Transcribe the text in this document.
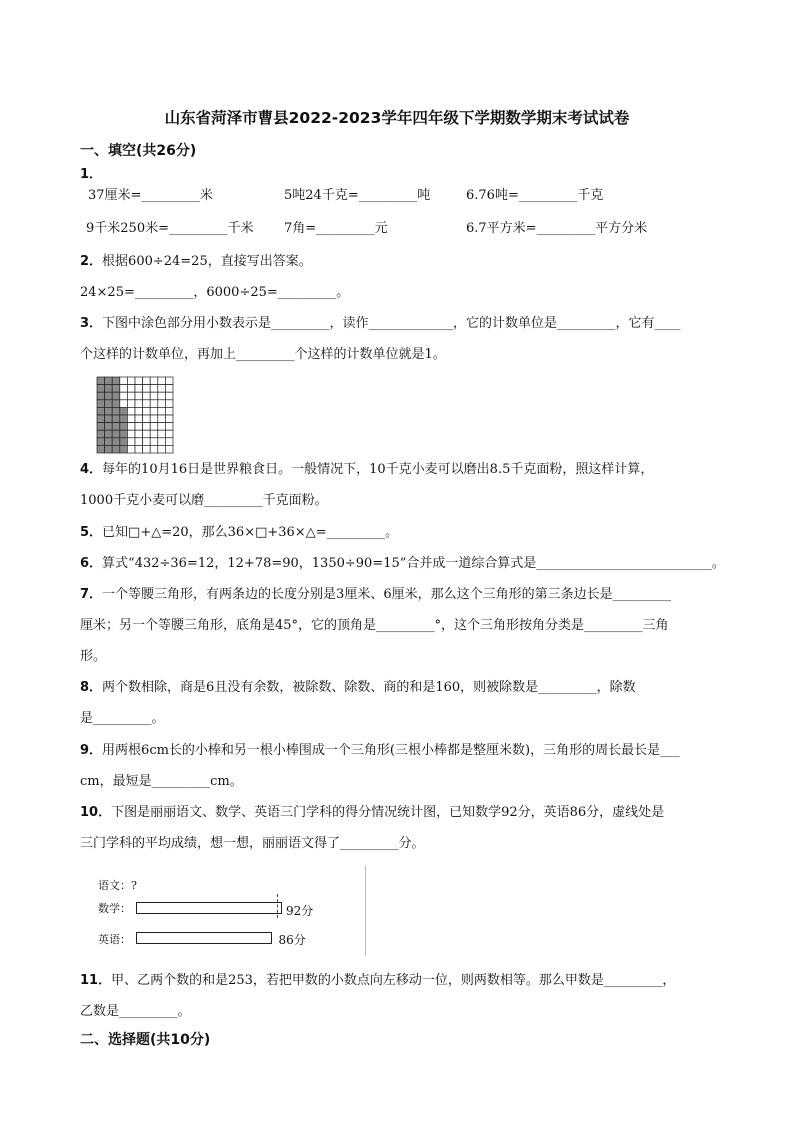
山东省菏泽市曹县2022-2023学年四年级下学期数学期末考试试卷
一、填空(共26分)
1．
37厘米=_________米	5吨24千克=_________吨	6.76吨=_________千克
9千米250米=_________千米 7角=_________元	6.7平方米=_________平方分米
2．根据600÷24=25，直接写出答案。
24×25=_________，6000÷25=_________。
3．下图中涂色部分用小数表示是_________，读作_____________，它的计数单位是_________，它有____
个这样的计数单位，再加上_________个这样的计数单位就是1。
4．每年的10月16日是世界粮食日。一般情况下，10千克小麦可以磨出8.5千克面粉，照这样计算，
1000千克小麦可以磨_________千克面粉。
5．已知□+△=20，那么36×□+36×△=_________。
6．算式“432÷36=12，12+78=90，1350÷90=15”合并成一道综合算式是___________________________。
7．一个等腰三角形，有两条边的长度分别是3厘米、6厘米，那么这个三角形的第三条边长是_________
厘米；另一个等腰三角形，底角是45°，它的顶角是_________°，这个三角形按角分类是_________三角
形。
8．两个数相除，商是6且没有余数，被除数、除数、商的和是160，则被除数是_________，除数
是_________。
9．用两根6cm长的小棒和另一根小棒围成一个三角形(三根小棒都是整厘米数)，三角形的周长最长是___
cm，最短是_________cm。
10．下图是丽丽语文、数学、英语三门学科的得分情况统计图，已知数学92分，英语86分，虚线处是
三门学科的平均成绩，想一想，丽丽语文得了_________分。
语文：?
数学：
英语：
92分
86分
11．甲、乙两个数的和是253，若把甲数的小数点向左移动一位，则两数相等。那么甲数是_________，
乙数是_________。
二、选择题(共10分)
